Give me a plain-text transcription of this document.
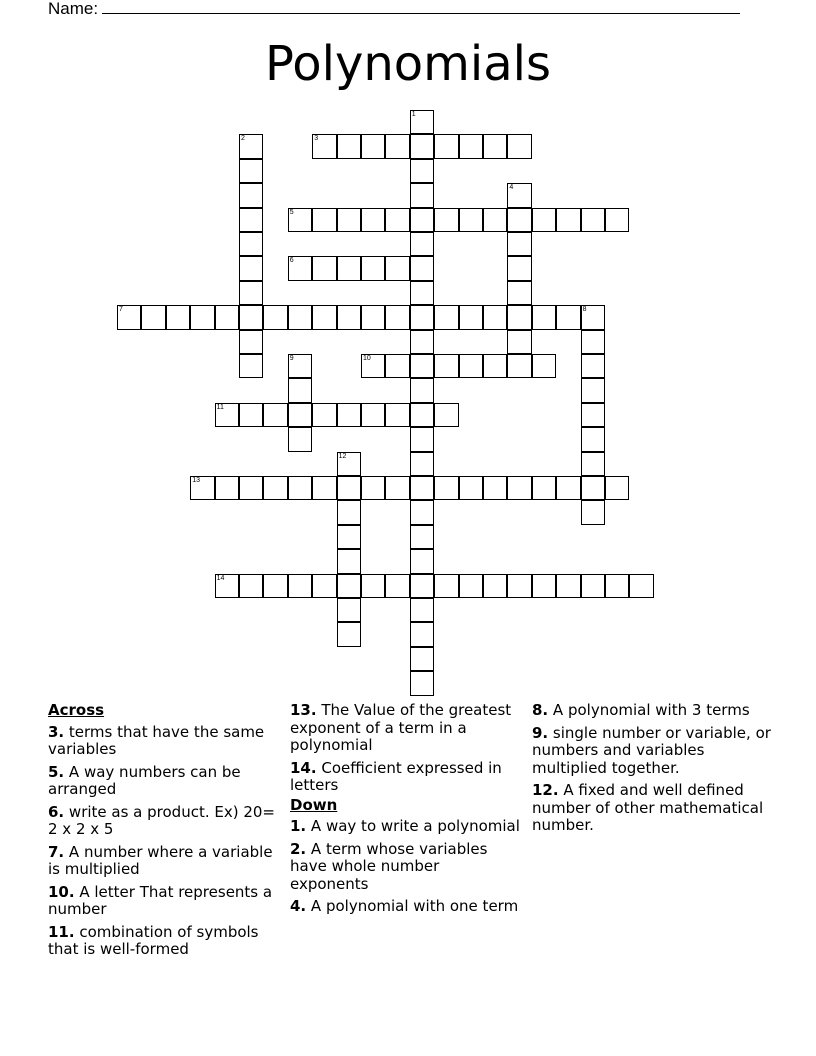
Name:
Polynomials
3
5
6
7	8
10
11
13
14
1
2
4
9
12
Across
3. terms that have the same variables
5. A way numbers can be arranged
6. write as a product. Ex) 20= 2 x 2 x 5
7. A number where a variable is multiplied
10. A letter That represents a number
11. combination of symbols that is well-formed
13. The Value of the greatest exponent of a term in a polynomial
14. Coefficient expressed in letters
Down
1. A way to write a polynomial
2. A term whose variables have whole number exponents
4. A polynomial with one term
8. A polynomial with 3 terms
9. single number or variable, or numbers and variables multiplied together.
12. A fixed and well defined number of other mathematical number.
